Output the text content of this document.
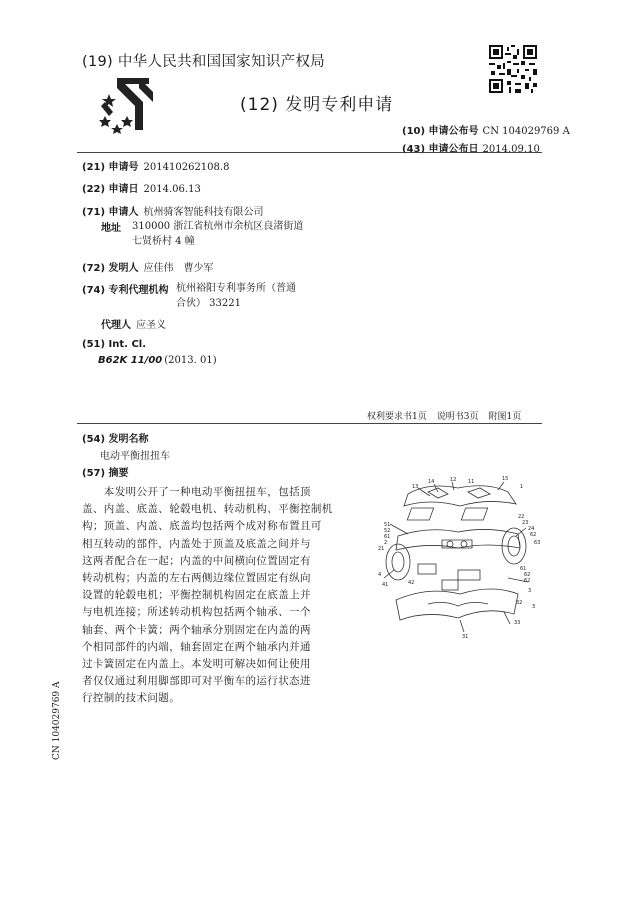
(19) 中华人民共和国国家知识产权局
(12) 发明专利申请
(10) 申请公布号 CN 104029769 A
(43) 申请公布日 2014.09.10
(21) 申请号 201410262108.8
(22) 申请日 2014.06.13
(71) 申请人 杭州骑客智能科技有限公司
地址 310000 浙江省杭州市余杭区良渚街道
七贤桥村 4 幢
(72) 发明人 应佳伟　曹少军
(74) 专利代理机构 杭州裕阳专利事务所（普通
合伙） 33221
代理人 应圣义
(51) Int. Cl.
B62K 11/00 (2013. 01)
权利要求书1页 说明书3页 附图1页
(54) 发明名称
电动平衡扭扭车
(57) 摘要
　　本发明公开了一种电动平衡扭扭车，包括顶
盖、内盖、底盖、轮毂电机、转动机构、平衡控制机
构；顶盖、内盖、底盖均包括两个成对称布置且可
相互转动的部件，内盖处于顶盖及底盖之间并与
这两者配合在一起；内盖的中间横向位置固定有
转动机构；内盖的左右两侧边缘位置固定有纵向
设置的轮毂电机；平衡控制机构固定在底盖上并
与电机连接；所述转动机构包括两个轴承、一个
轴套、两个卡簧；两个轴承分别固定在内盖的两
个相同部件的内端，轴套固定在两个轴承内并通
过卡簧固定在内盖上。本发明可解决如何让使用
者仅仅通过利用脚部即可对平衡车的运行状态进
行控制的技术问题。
13
14	12 11	15
1
51
52
61
2
21
22
23
24
62
63
4
41	42
61
62
62
3
32
33
31
3
CN 104029769 A
